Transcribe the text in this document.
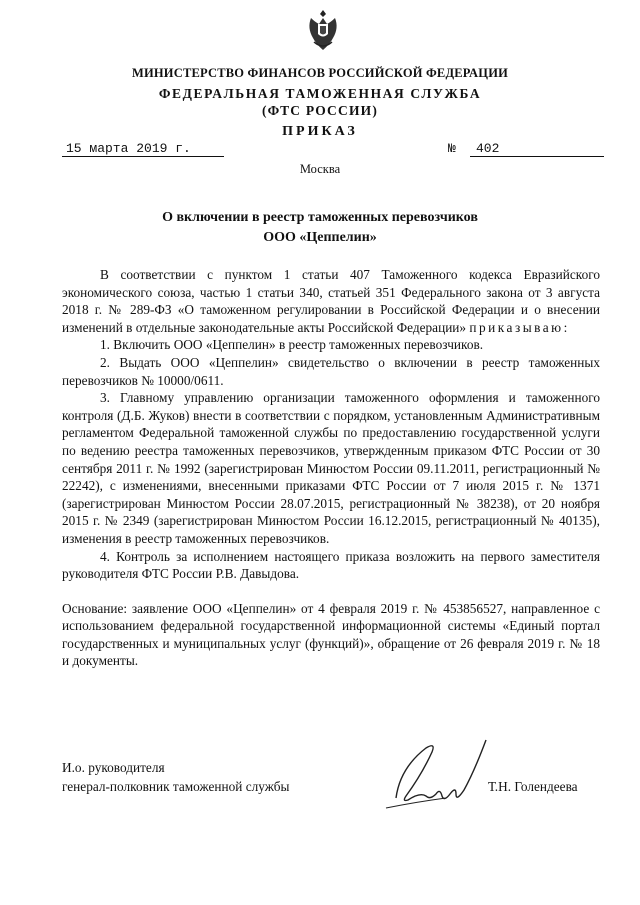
МИНИСТЕРСТВО ФИНАНСОВ РОССИЙСКОЙ ФЕДЕРАЦИИ
ФЕДЕРАЛЬНАЯ ТАМОЖЕННАЯ СЛУЖБА
(ФТС РОССИИ)
ПРИКАЗ
15 марта 2019 г.	№	402
Москва
О включении в реестр таможенных перевозчиков
ООО «Цеппелин»

В соответствии с пунктом 1 статьи 407 Таможенного кодекса Евразийского экономического союза, частью 1 статьи 340, статьей 351 Федерального закона от 3 августа 2018 г. № 289-ФЗ «О таможенном регулировании в Российской Федерации и о внесении изменений в отдельные законодательные акты Российской Федерации» приказываю:

1. Включить ООО «Цеппелин» в реестр таможенных перевозчиков.

2. Выдать ООО «Цеппелин» свидетельство о включении в реестр таможенных перевозчиков № 10000/0611.

3. Главному управлению организации таможенного оформления и таможенного контроля (Д.Б. Жуков) внести в соответствии с порядком, установленным Административным регламентом Федеральной таможенной службы по предоставлению государственной услуги по ведению реестра таможенных перевозчиков, утвержденным приказом ФТС России от 30 сентября 2011 г. № 1992 (зарегистрирован Минюстом России 09.11.2011, регистрационный № 22242), с изменениями, внесенными приказами ФТС России от 7 июля 2015 г. № 1371 (зарегистрирован Минюстом России 28.07.2015, регистрационный № 38238), от 20 ноября 2015 г. № 2349 (зарегистрирован Минюстом России 16.12.2015, регистрационный № 40135), изменения в реестр таможенных перевозчиков.

4. Контроль за исполнением настоящего приказа возложить на первого заместителя руководителя ФТС России Р.В. Давыдова.

Основание: заявление ООО «Цеппелин» от 4 февраля 2019 г. № 453856527, направленное с использованием федеральной государственной информационной системы «Единый портал государственных и муниципальных услуг (функций)», обращение от 26 февраля 2019 г. № 18 и документы.

И.о. руководителя
генерал-полковник таможенной службы	Т.Н. Голендеева
